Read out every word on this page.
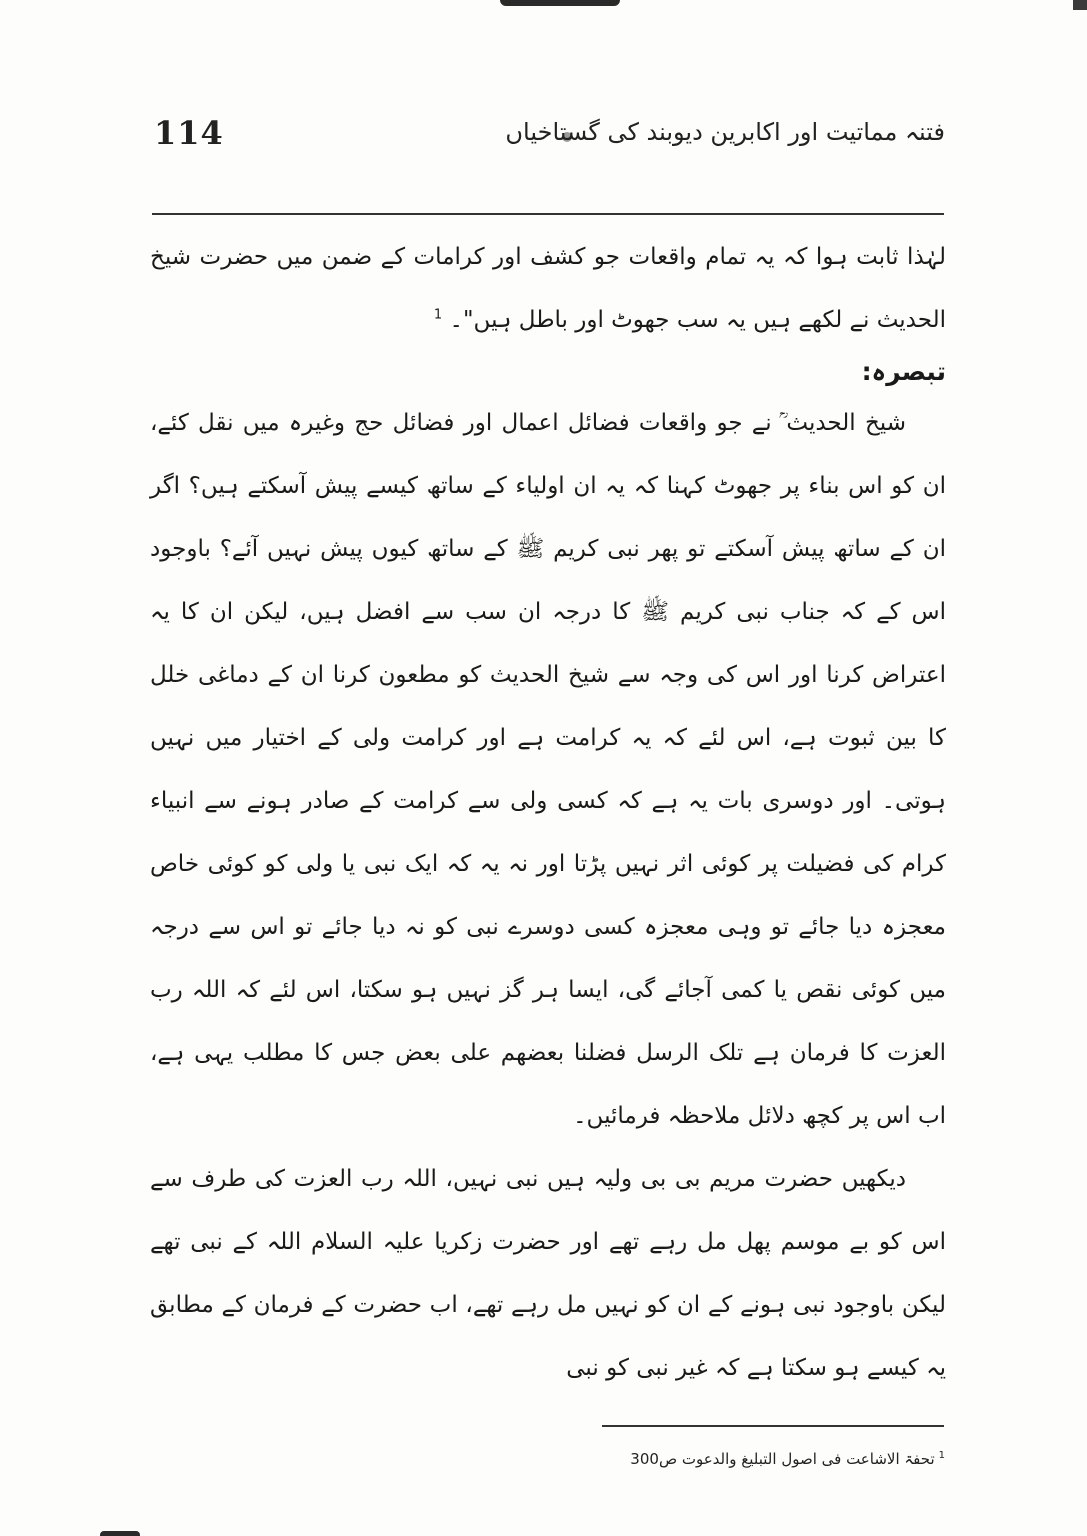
114	فتنہ مماتیت اور اکابرین دیوبند کی گستاخیاں

لہٰذا ثابت ہوا کہ یہ تمام واقعات جو کشف اور کرامات کے ضمن میں حضرت شیخ الحدیث نے لکھے ہیں یہ سب جھوٹ اور باطل ہیں"۔ $^1$

تبصرہ:

شیخ الحدیث ؒ نے جو واقعات فضائل اعمال اور فضائل حج وغیرہ میں نقل کئے، ان کو اس بناء پر جھوٹ کہنا کہ یہ ان اولیاء کے ساتھ کیسے پیش آسکتے ہیں؟ اگر ان کے ساتھ پیش آسکتے تو پھر نبی کریم ﷺ کے ساتھ کیوں پیش نہیں آئے؟ باوجود اس کے کہ جناب نبی کریم ﷺ کا درجہ ان سب سے افضل ہیں، لیکن ان کا یہ اعتراض کرنا اور اس کی وجہ سے شیخ الحدیث کو مطعون کرنا ان کے دماغی خلل کا بین ثبوت ہے، اس لئے کہ یہ کرامت ہے اور کرامت ولی کے اختیار میں نہیں ہوتی۔ اور دوسری بات یہ ہے کہ کسی ولی سے کرامت کے صادر ہونے سے انبیاء کرام کی فضیلت پر کوئی اثر نہیں پڑتا اور نہ یہ کہ ایک نبی یا ولی کو کوئی خاص معجزہ دیا جائے تو وہی معجزہ کسی دوسرے نبی کو نہ دیا جائے تو اس سے درجہ میں کوئی نقص یا کمی آجائے گی، ایسا ہر گز نہیں ہو سکتا، اس لئے کہ اللہ رب العزت کا فرمان ہے تلک الرسل فضلنا بعضهم علی بعض جس کا مطلب یہی ہے، اب اس پر کچھ دلائل ملاحظہ فرمائیں۔

دیکھیں حضرت مریم بی بی ولیہ ہیں نبی نہیں، اللہ رب العزت کی طرف سے اس کو بے موسم پھل مل رہے تھے اور حضرت زکریا علیہ السلام اللہ کے نبی تھے لیکن باوجود نبی ہونے کے ان کو نہیں مل رہے تھے، اب حضرت کے فرمان کے مطابق یہ کیسے ہو سکتا ہے کہ غیر نبی کو نبی

$^1$تحفۃ الاشاعت فی اصول التبلیغ والدعوت ص300
